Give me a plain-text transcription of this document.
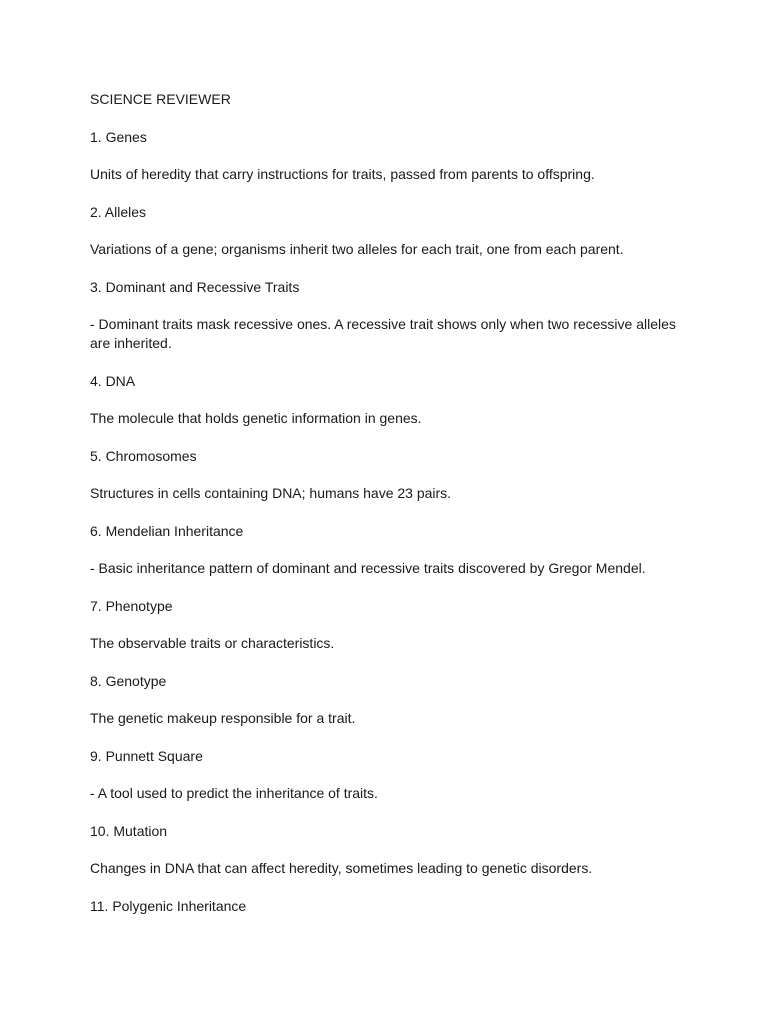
SCIENCE REVIEWER

1. Genes

Units of heredity that carry instructions for traits, passed from parents to offspring.

2. Alleles

Variations of a gene; organisms inherit two alleles for each trait, one from each parent.

3. Dominant and Recessive Traits

- Dominant traits mask recessive ones. A recessive trait shows only when two recessive alleles are inherited.

4. DNA

The molecule that holds genetic information in genes.

5. Chromosomes

Structures in cells containing DNA; humans have 23 pairs.

6. Mendelian Inheritance

- Basic inheritance pattern of dominant and recessive traits discovered by Gregor Mendel.

7. Phenotype

The observable traits or characteristics.

8. Genotype

The genetic makeup responsible for a trait.

9. Punnett Square

- A tool used to predict the inheritance of traits.

10. Mutation

Changes in DNA that can affect heredity, sometimes leading to genetic disorders.

11. Polygenic Inheritance
